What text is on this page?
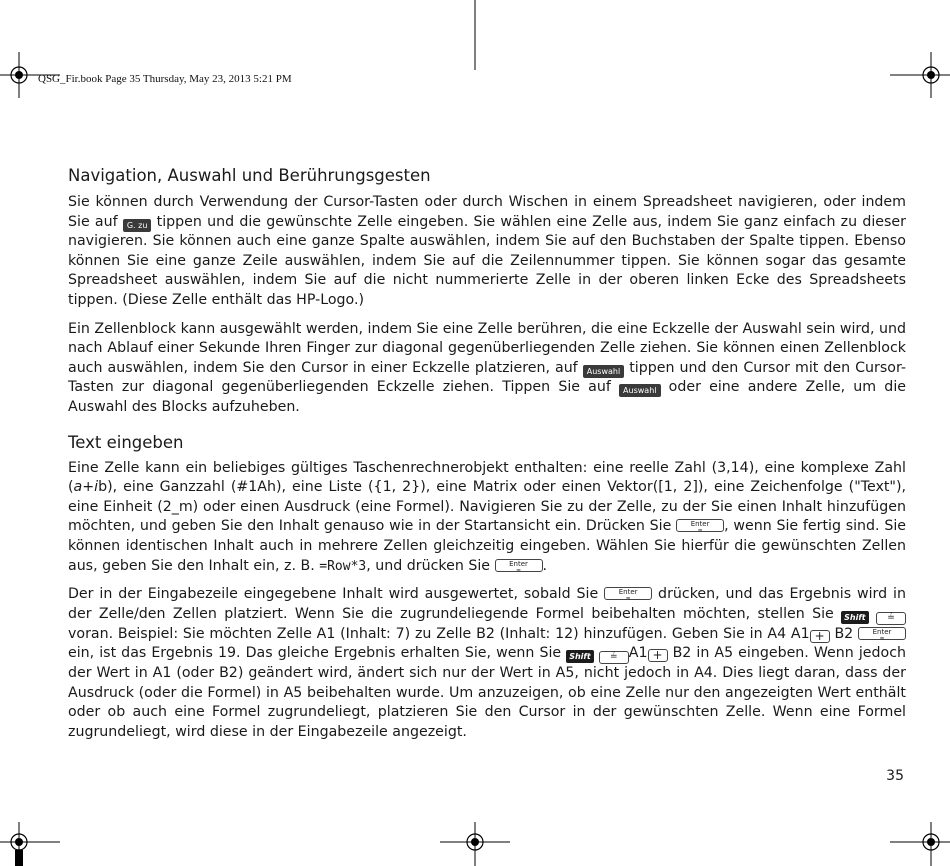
QSG_Fir.book Page 35 Thursday, May 23, 2013 5:21 PM
Navigation, Auswahl und Berührungsgesten

Sie können durch Verwendung der Cursor-Tasten oder durch Wischen in einem Spreadsheet navigieren, oder indem Sie auf G. zu tippen und die gewünschte Zelle eingeben. Sie wählen eine Zelle aus, indem Sie ganz einfach zu dieser navigieren. Sie können auch eine ganze Spalte auswählen, indem Sie auf den Buchstaben der Spalte tippen. Ebenso können Sie eine ganze Zeile auswählen, indem Sie auf die Zeilennummer tippen. Sie können sogar das gesamte Spreadsheet auswählen, indem Sie auf die nicht nummerierte Zelle in der oberen linken Ecke des Spreadsheets tippen. (Diese Zelle enthält das HP-Logo.)

Ein Zellenblock kann ausgewählt werden, indem Sie eine Zelle berühren, die eine Eckzelle der Auswahl sein wird, und nach Ablauf einer Sekunde Ihren Finger zur diagonal gegenüberliegenden Zelle ziehen. Sie können einen Zellenblock auch auswählen, indem Sie den Cursor in einer Eckzelle platzieren, auf Auswahl tippen und den Cursor mit den Cursor-Tasten zur diagonal gegenüberliegenden Eckzelle ziehen. Tippen Sie auf Auswahl oder eine andere Zelle, um die Auswahl des Blocks aufzuheben.

Text eingeben

Eine Zelle kann ein beliebiges gültiges Taschenrechnerobjekt enthalten: eine reelle Zahl (3,14), eine komplexe Zahl (a+ib), eine Ganzzahl (#1Ah), eine Liste ({1, 2}), eine Matrix oder einen Vektor([1, 2]), eine Zeichenfolge ("Text"), eine Einheit (2_m) oder einen Ausdruck (eine Formel). Navigieren Sie zu der Zelle, zu der Sie einen Inhalt hinzufügen möchten, und geben Sie den Inhalt genauso wie in der Startansicht ein. Drücken Sie Enter
≈	, wenn Sie fertig sind. Sie können identischen Inhalt auch in mehrere Zellen gleichzeitig eingeben. Wählen Sie hierfür die gewünschten Zellen aus, geben Sie den Inhalt ein, z. B. =Row*3, und drücken Sie Enter
≈	.

Der in der Eingabezeile eingegebene Inhalt wird ausgewertet, sobald Sie Enter
≈	drücken, und das Ergebnis wird in der Zelle/den Zellen platziert. Wenn Sie die zugrundeliegende Formel beibehalten möchten, stellen Sie Shift ≟ voran. Beispiel: Sie möchten Zelle A1 (Inhalt: 7) zu Zelle B2 (Inhalt: 12) hinzufügen. Geben Sie in A4 A1 + B2 Enter
≈
ein, ist das Ergebnis 19. Das gleiche Ergebnis erhalten Sie, wenn Sie Shift ≟ A1 + B2 in A5 eingeben. Wenn jedoch der Wert in A1 (oder B2) geändert wird, ändert sich nur der Wert in A5, nicht jedoch in A4. Dies liegt daran, dass der Ausdruck (oder die Formel) in A5 beibehalten wurde. Um anzuzeigen, ob eine Zelle nur den angezeigten Wert enthält oder ob auch eine Formel zugrundeliegt, platzieren Sie den Cursor in der gewünschten Zelle. Wenn eine Formel zugrundeliegt, wird diese in der Eingabezeile angezeigt.

35
